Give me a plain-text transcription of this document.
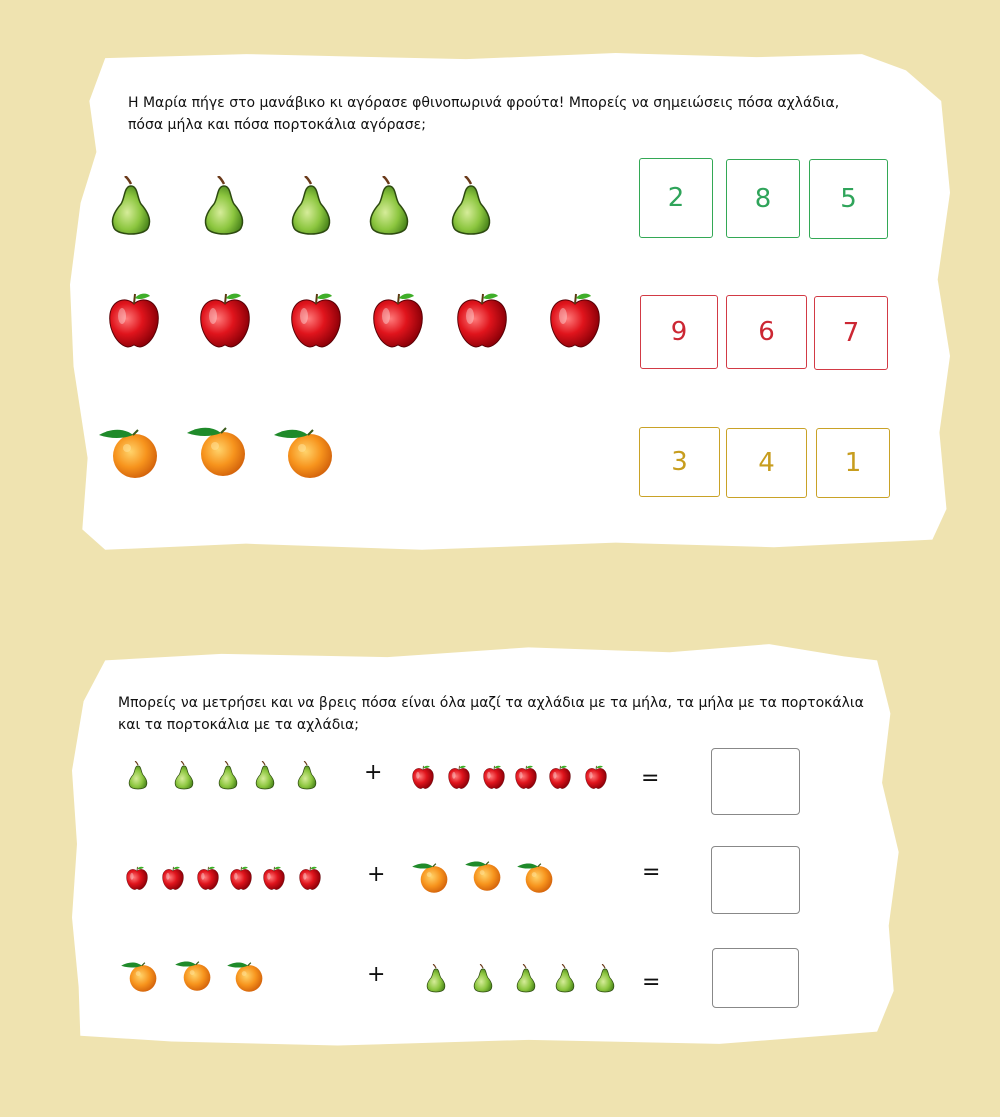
Η Μαρία πήγε στο μανάβικο κι αγόρασε φθινοπωρινά φρούτα! Μπορείς να σημειώσεις πόσα αχλάδια,
πόσα μήλα και πόσα πορτοκάλια αγόρασε;
2	8	5
9	6	7
3	4	1
Μπορείς να μετρήσει και να βρεις πόσα είναι όλα μαζί τα αχλάδια με τα μήλα, τα μήλα με τα πορτοκάλια
και τα πορτοκάλια με τα αχλάδια;
+	=
+	=
+	=
